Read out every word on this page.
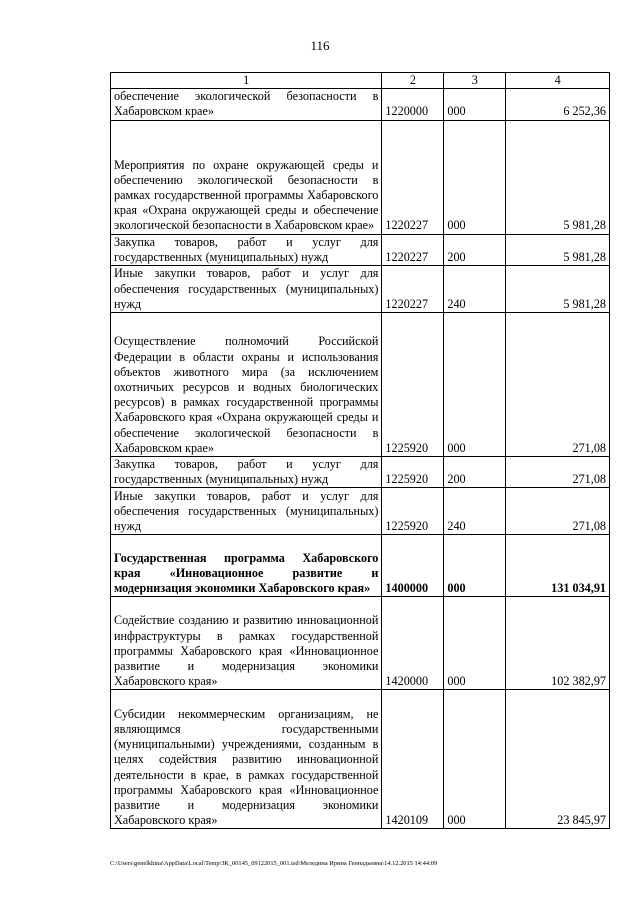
116
1	2	3	4
обеспечение экологической безопасности в Хабаровском крае»	1220000	000	6 252,36
Мероприятия по охране окружающей среды и обеспечению экологической безопасности в рамках государственной программы Хабаровского края «Охрана окружающей среды и обеспечение экологической безопасности в Хабаровском крае»	1220227	000	5 981,28
Закупка товаров, работ и услуг для государственных (муниципальных) нужд	1220227	200	5 981,28
Иные закупки товаров, работ и услуг для обеспечения государственных (муниципальных) нужд	1220227	240	5 981,28
Осуществление полномочий Российской Федерации в области охраны и использования объектов животного мира (за исключением охотничьих ресурсов и водных биологических ресурсов) в рамках государственной программы Хабаровского края «Охрана окружающей среды и обеспечение экологической безопасности в Хабаровском крае»	1225920	000	271,08
Закупка товаров, работ и услуг для государственных (муниципальных) нужд	1225920	200	271,08
Иные закупки товаров, работ и услуг для обеспечения государственных (муниципальных) нужд	1225920	240	271,08
Государственная программа Хабаровского края «Инновационное развитие и модернизация экономики Хабаровского края»	1400000	000	131 034,91
Содействие созданию и развитию инновационной инфраструктуры в рамках государственной программы Хабаровского края «Инновационное развитие и модернизация экономики Хабаровского края»	1420000	000	102 382,97
Субсидии некоммерческим организациям, не являющимся государственными (муниципальными) учреждениями, созданным в целях содействия развитию инновационной деятельности в крае, в рамках государственной программы Хабаровского края «Инновационное развитие и модернизация экономики Хабаровского края»	1420109	000	23 845,97
C:\Users\genelkhina\AppData\Local\Temp\ЗК_00145_09122015_001.tsd\Меледина Ирина Геннадьевна\14.12.2015 14:44:09
